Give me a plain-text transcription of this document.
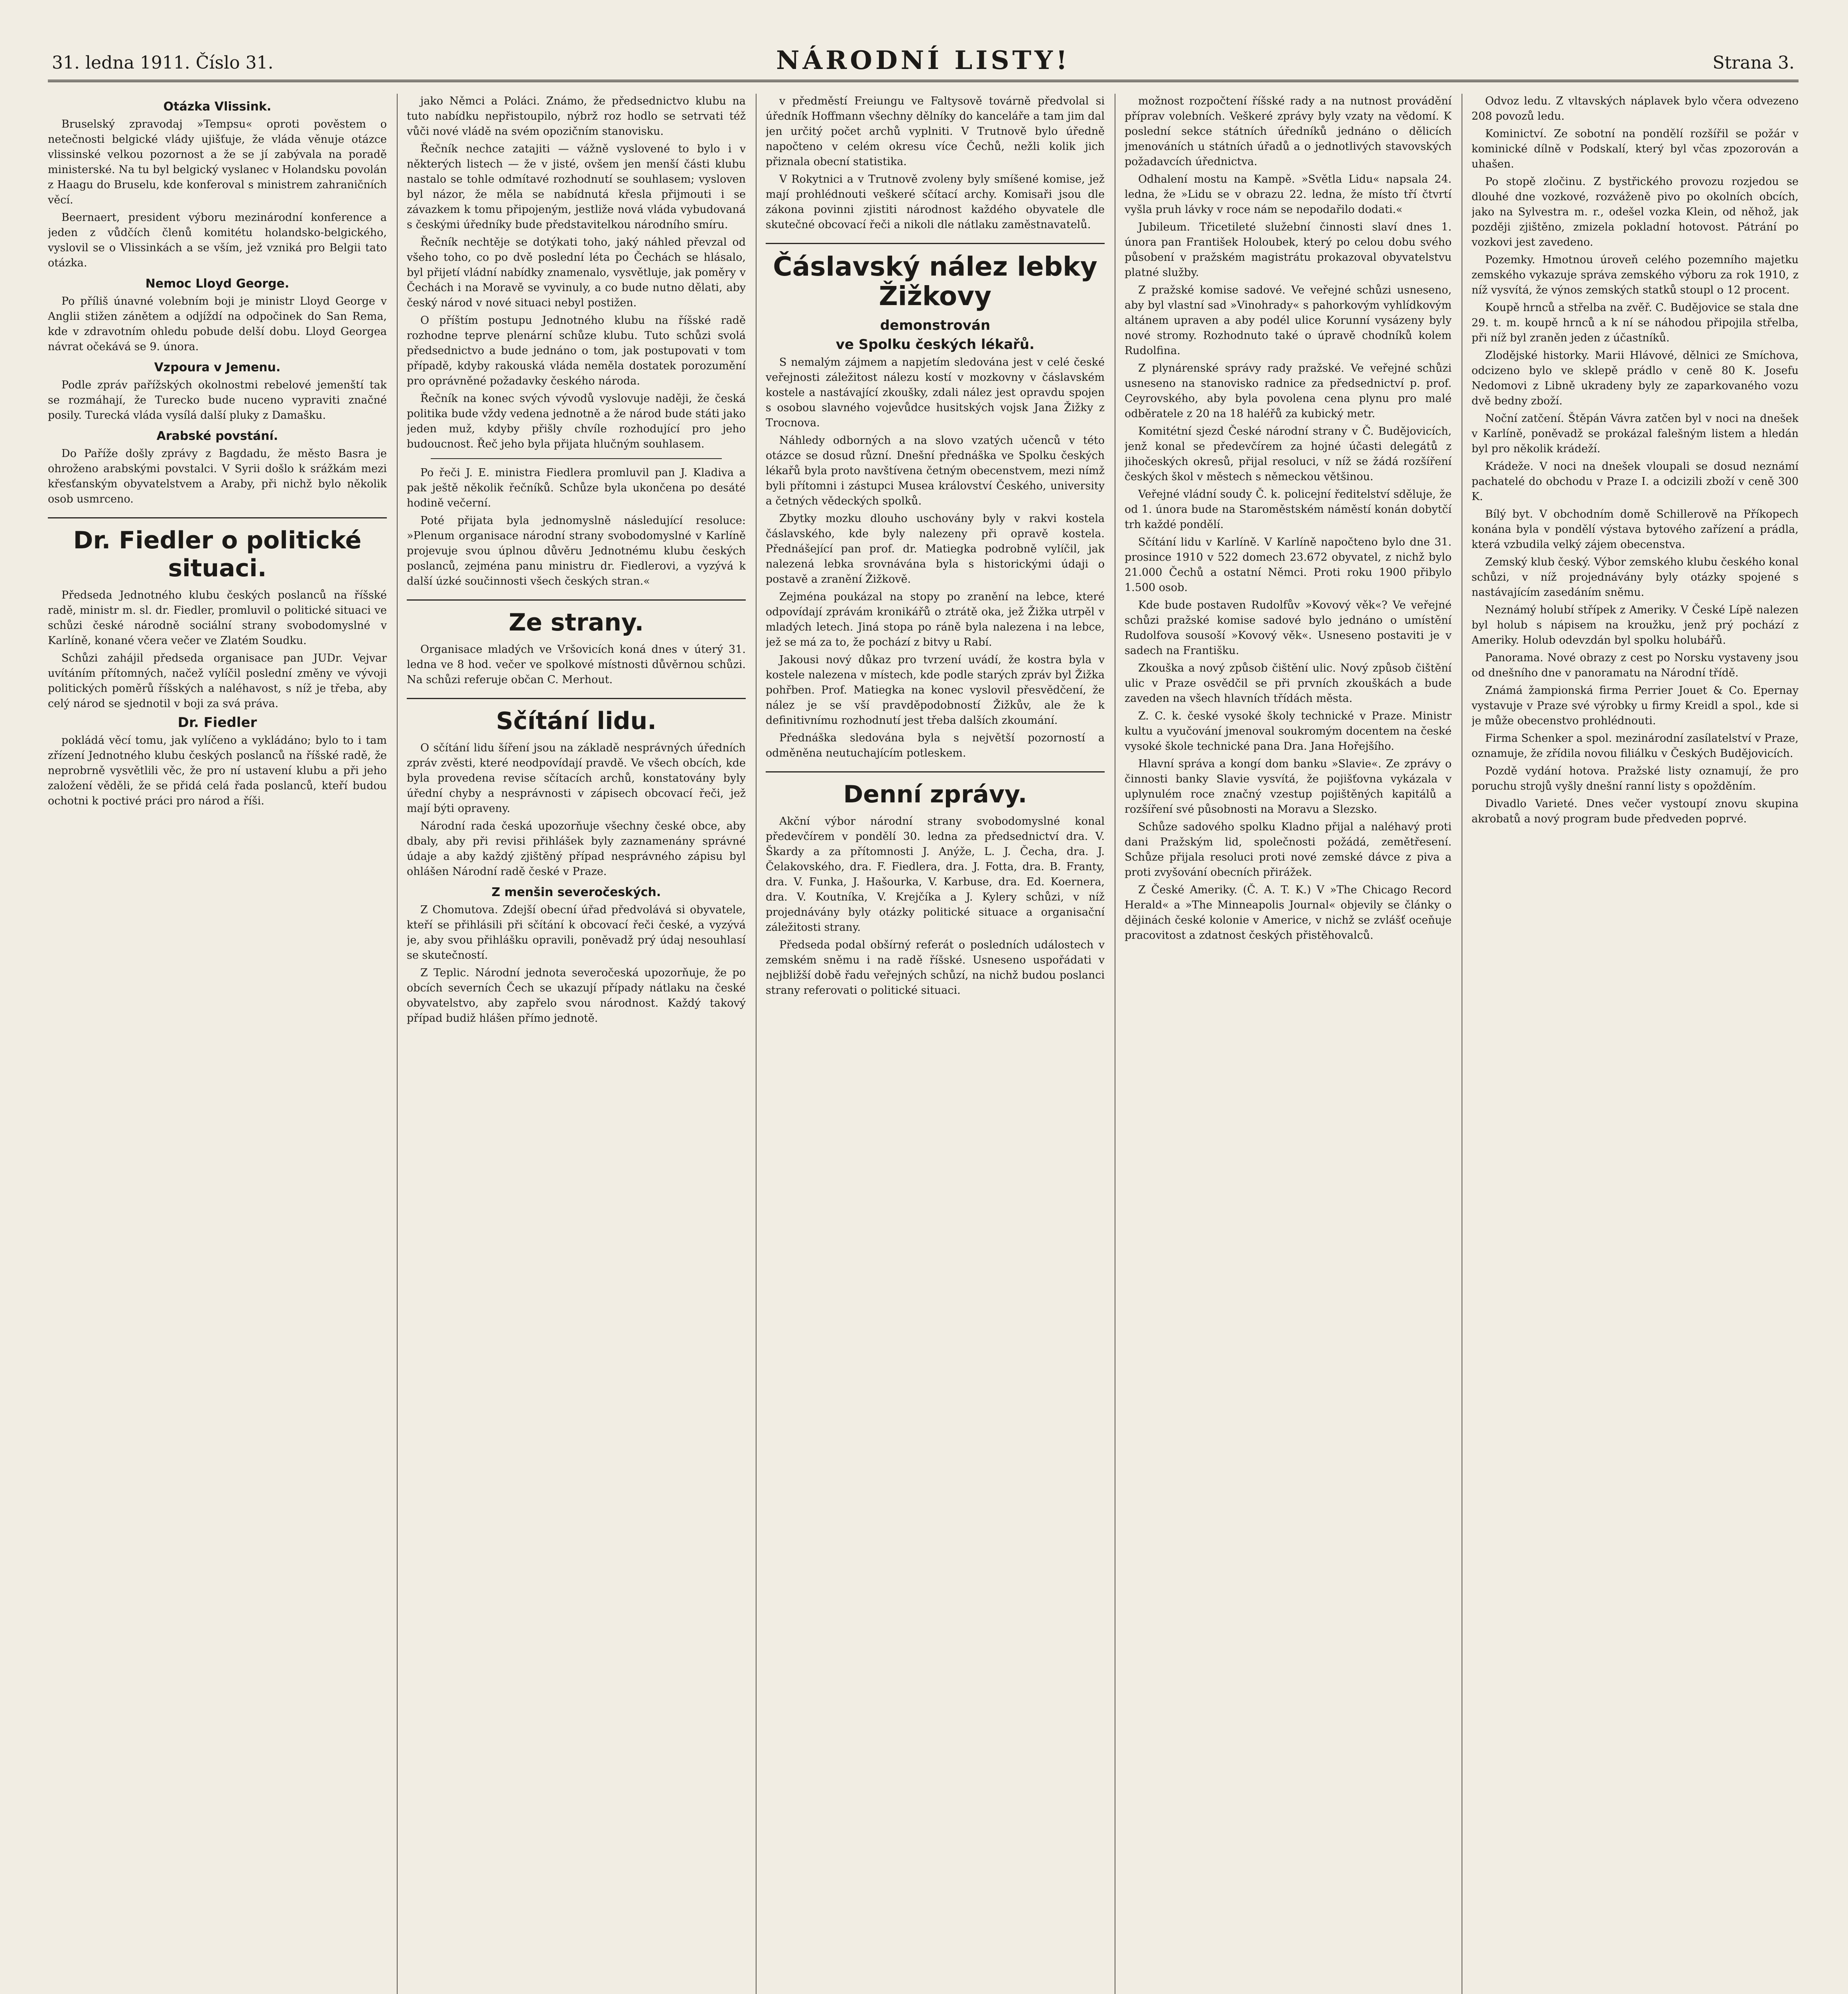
31. ledna 1911. Číslo 31.	NÁRODNÍ LISTY!	Strana 3.
Otázka Vlissink.

Bruselský zpravodaj »Tempsu« oproti pověstem o netečnosti belgické vlády ujišťuje, že vláda věnuje otázce vlissinské velkou pozornost a že se jí zabývala na poradě ministerské. Na tu byl belgický vyslanec v Holandsku povolán z Haagu do Bruselu, kde konferoval s ministrem zahraničních věcí.

Beernaert, president výboru mezinárodní konference a jeden z vůdčích členů komitétu holandsko-belgického, vyslovil se o Vlissinkách a se vším, jež vzniká pro Belgii tato otázka.

Nemoc Lloyd George.

Po příliš únavné volebním boji je ministr Lloyd George v Anglii stižen zánětem a odjíždí na odpočinek do San Rema, kde v zdravotním ohledu pobude delší dobu. Lloyd Georgea návrat očekává se 9. února.

Vzpoura v Jemenu.

Podle zpráv pařížských okolnostmi rebelové jemenští tak se rozmáhají, že Turecko bude nuceno vypraviti značné posily. Turecká vláda vysílá další pluky z Damašku.

Arabské povstání.

Do Paříže došly zprávy z Bagdadu, že město Basra je ohroženo arabskými povstalci. V Syrii došlo k srážkám mezi křesťanským obyvatelstvem a Araby, při nichž bylo několik osob usmrceno.

Dr. Fiedler o politické situaci.

Předseda Jednotného klubu českých poslanců na říšské radě, ministr m. sl. dr. Fiedler, promluvil o politické situaci ve schůzi české národně sociální strany svobodomyslné v Karlíně, konané včera večer ve Zlatém Soudku.

Schůzi zahájil předseda organisace pan JUDr. Vejvar uvítáním přítomných, načež vylíčil poslední změny ve vývoji politických poměrů říšských a naléhavost, s níž je třeba, aby celý národ se sjednotil v boji za svá práva.

Dr. Fiedler

pokládá věcí tomu, jak vylíčeno a vykládáno; bylo to i tam zřízení Jednotného klubu českých poslanců na říšské radě, že neprobrně vysvětlili věc, že pro ní ustavení klubu a při jeho založení věděli, že se přidá celá řada poslanců, kteří budou ochotni k poctivé práci pro národ a říši.

jako Němci a Poláci. Známo, že předsednictvo klubu na tuto nabídku nepřistoupilo, nýbrž roz hodlo se setrvati též vůči nové vládě na svém opozičním stanovisku.

Řečník nechce zatajiti — vážně vyslovené to bylo i v některých listech — že v jisté, ovšem jen menší části klubu nastalo se tohle odmítavé rozhodnutí se souhlasem; vysloven byl názor, že měla se nabídnutá křesla přijmouti i se závazkem k tomu připojeným, jestliže nová vláda vybudovaná s českými úředníky bude představitelkou národního smíru.

Řečník nechtěje se dotýkati toho, jaký náhled převzal od všeho toho, co po dvě poslední léta po Čechách se hlásalo, byl přijetí vládní nabídky znamenalo, vysvětluje, jak poměry v Čechách i na Moravě se vyvinuly, a co bude nutno dělati, aby český národ v nové situaci nebyl postižen.

O příštím postupu Jednotného klubu na říšské radě rozhodne teprve plenární schůze klubu. Tuto schůzi svolá předsednictvo a bude jednáno o tom, jak postupovati v tom případě, kdyby rakouská vláda neměla dostatek porozumění pro oprávněné požadavky českého národa.

Řečník na konec svých vývodů vyslovuje naději, že česká politika bude vždy vedena jednotně a že národ bude státi jako jeden muž, kdyby přišly chvíle rozhodující pro jeho budoucnost. Řeč jeho byla přijata hlučným souhlasem.

Po řeči J. E. ministra Fiedlera promluvil pan J. Kladiva a pak ještě několik řečníků. Schůze byla ukončena po desáté hodině večerní.

Poté přijata byla jednomyslně následující resoluce: »Plenum organisace národní strany svobodomyslné v Karlíně projevuje svou úplnou důvěru Jednotnému klubu českých poslanců, zejména panu ministru dr. Fiedlerovi, a vyzývá k další úzké součinnosti všech českých stran.«

Ze strany.

Organisace mladých ve Vršovicích koná dnes v úterý 31. ledna ve 8 hod. večer ve spolkové místnosti důvěrnou schůzi. Na schůzi referuje občan C. Merhout.

Sčítání lidu.

O sčítání lidu šíření jsou na základě nesprávných úředních zpráv zvěsti, které neodpovídají pravdě. Ve všech obcích, kde byla provedena revise sčítacích archů, konstatovány byly úřední chyby a nesprávnosti v zápisech obcovací řeči, jež mají býti opraveny.

Národní rada česká upozorňuje všechny české obce, aby dbaly, aby při revisi přihlášek byly zaznamenány správné údaje a aby každý zjištěný případ nesprávného zápisu byl ohlášen Národní radě české v Praze.

Z menšin severočeských.

Z Chomutova. Zdejší obecní úřad předvolává si obyvatele, kteří se přihlásili při sčítání k obcovací řeči české, a vyzývá je, aby svou přihlášku opravili, poněvadž prý údaj nesouhlasí se skutečností.

Z Teplic. Národní jednota severočeská upozorňuje, že po obcích severních Čech se ukazují případy nátlaku na české obyvatelstvo, aby zapřelo svou národnost. Každý takový případ budiž hlášen přímo jednotě.

v předměstí Freiungu ve Faltysově továrně předvolal si úředník Hoffmann všechny dělníky do kanceláře a tam jim dal jen určitý počet archů vyplniti. V Trutnově bylo úředně napočteno v celém okresu více Čechů, nežli kolik jich přiznala obecní statistika.

V Rokytnici a v Trutnově zvoleny byly smíšené komise, jež mají prohlédnouti veškeré sčítací archy. Komisaři jsou dle zákona povinni zjistiti národnost každého obyvatele dle skutečné obcovací řeči a nikoli dle nátlaku zaměstnavatelů.

Čáslavský nález lebky Žižkovy
demonstrován
ve Spolku českých lékařů.

S nemalým zájmem a napjetím sledována jest v celé české veřejnosti záležitost nálezu kostí v mozkovny v čáslavském kostele a nastávající zkoušky, zdali nález jest opravdu spojen s osobou slavného vojevůdce husitských vojsk Jana Žižky z Trocnova.

Náhledy odborných a na slovo vzatých učenců v této otázce se dosud různí. Dnešní přednáška ve Spolku českých lékařů byla proto navštívena četným obecenstvem, mezi nímž byli přítomni i zástupci Musea království Českého, university a četných vědeckých spolků.

Zbytky mozku dlouho uschovány byly v rakvi kostela čáslavského, kde byly nalezeny při opravě kostela. Přednášející pan prof. dr. Matiegka podrobně vylíčil, jak nalezená lebka srovnávána byla s historickými údaji o postavě a zranění Žižkově.

Zejména poukázal na stopy po zranění na lebce, které odpovídají zprávám kronikářů o ztrátě oka, jež Žižka utrpěl v mladých letech. Jiná stopa po ráně byla nalezena i na lebce, jež se má za to, že pochází z bitvy u Rabí.

Jakousi nový důkaz pro tvrzení uvádí, že kostra byla v kostele nalezena v místech, kde podle starých zpráv byl Žižka pohřben. Prof. Matiegka na konec vyslovil přesvědčení, že nález je se vší pravděpodobností Žižkův, ale že k definitivnímu rozhodnutí jest třeba dalších zkoumání.

Přednáška sledována byla s největší pozorností a odměněna neutuchajícím potleskem.

Denní zprávy.

Akční výbor národní strany svobodomyslné konal předevčírem v pondělí 30. ledna za předsednictví dra. V. Škardy a za přítomnosti J. Anýže, L. J. Čecha, dra. J. Čelakovského, dra. F. Fiedlera, dra. J. Fotta, dra. B. Franty, dra. V. Funka, J. Hašourka, V. Karbuse, dra. Ed. Koernera, dra. V. Koutníka, V. Krejčíka a J. Kylery schůzi, v níž projednávány byly otázky politické situace a organisační záležitosti strany.

Předseda podal obšírný referát o posledních událostech v zemském sněmu i na radě říšské. Usneseno uspořádati v nejbližší době řadu veřejných schůzí, na nichž budou poslanci strany referovati o politické situaci.

možnost rozpočtení říšské rady a na nutnost provádění příprav volebních. Veškeré zprávy byly vzaty na vědomí. K poslední sekce státních úředníků jednáno o dělicích jmenováních u státních úřadů a o jednotlivých stavovských požadavcích úřednictva.

Odhalení mostu na Kampě. »Světla Lidu« napsala 24. ledna, že »Lidu se v obrazu 22. ledna, že místo tří čtvrtí vyšla pruh lávky v roce nám se nepodařilo dodati.«

Jubileum. Třicetileté služební činnosti slaví dnes 1. února pan František Holoubek, který po celou dobu svého působení v pražském magistrátu prokazoval obyvatelstvu platné služby.

Z pražské komise sadové. Ve veřejné schůzi usneseno, aby byl vlastní sad »Vinohrady« s pahorkovým vyhlídkovým altánem upraven a aby podél ulice Korunní vysázeny byly nové stromy. Rozhodnuto také o úpravě chodníků kolem Rudolfina.

Z plynárenské správy rady pražské. Ve veřejné schůzi usneseno na stanovisko radnice za předsednictví p. prof. Ceyrovského, aby byla povolena cena plynu pro malé odběratele z 20 na 18 haléřů za kubický metr.

Komitétní sjezd České národní strany v Č. Budějovicích, jenž konal se předevčírem za hojné účasti delegátů z jihočeských okresů, přijal resoluci, v níž se žádá rozšíření českých škol v městech s německou většinou.

Veřejné vládní soudy Č. k. policejní ředitelství sděluje, že od 1. února bude na Staroměstském náměstí konán dobytčí trh každé pondělí.

Sčítání lidu v Karlíně. V Karlíně napočteno bylo dne 31. prosince 1910 v 522 domech 23.672 obyvatel, z nichž bylo 21.000 Čechů a ostatní Němci. Proti roku 1900 přibylo 1.500 osob.

Kde bude postaven Rudolfův »Kovový věk«? Ve veřejné schůzi pražské komise sadové bylo jednáno o umístění Rudolfova sousoší »Kovový věk«. Usneseno postaviti je v sadech na Františku.

Zkouška a nový způsob čištění ulic. Nový způsob čištění ulic v Praze osvědčil se při prvních zkouškách a bude zaveden na všech hlavních třídách města.

Z. C. k. české vysoké školy technické v Praze. Ministr kultu a vyučování jmenoval soukromým docentem na české vysoké škole technické pana Dra. Jana Hořejšího.

Hlavní správa a kongí dom banku »Slavie«. Ze zprávy o činnosti banky Slavie vysvítá, že pojišťovna vykázala v uplynulém roce značný vzestup pojištěných kapitálů a rozšíření své působnosti na Moravu a Slezsko.

Schůze sadového spolku Kladno přijal a naléhavý proti dani Pražským lid, společnosti požádá, zemětřesení. Schůze přijala resoluci proti nové zemské dávce z piva a proti zvyšování obecních přirážek.

Z České Ameriky. (Č. A. T. K.) V »The Chicago Record Herald« a »The Minneapolis Journal« objevily se články o dějinách české kolonie v Americe, v nichž se zvlášť oceňuje pracovitost a zdatnost českých přistěhovalců.

Odvoz ledu. Z vltavských náplavek bylo včera odvezeno 208 povozů ledu.

Kominictví. Ze sobotní na pondělí rozšířil se požár v kominické dílně v Podskalí, který byl včas zpozorován a uhašen.

Po stopě zločinu. Z bystřického provozu rozjedou se dlouhé dne vozkové, rozváženě pivo po okolních obcích, jako na Sylvestra m. r., odešel vozka Klein, od něhož, jak později zjištěno, zmizela pokladní hotovost. Pátrání po vozkovi jest zavedeno.

Pozemky. Hmotnou úroveň celého pozemního majetku zemského vykazuje správa zemského výboru za rok 1910, z níž vysvítá, že výnos zemských statků stoupl o 12 procent.

Koupě hrnců a střelba na zvěř. C. Budějovice se stala dne 29. t. m. koupě hrnců a k ní se náhodou připojila střelba, při níž byl zraněn jeden z účastníků.

Zlodějské historky. Marii Hlávové, dělnici ze Smíchova, odcizeno bylo ve sklepě prádlo v ceně 80 K. Josefu Nedomovi z Libně ukradeny byly ze zaparkovaného vozu dvě bedny zboží.

Noční zatčení. Štěpán Vávra zatčen byl v noci na dnešek v Karlíně, poněvadž se prokázal falešným listem a hledán byl pro několik krádeží.

Krádeže. V noci na dnešek vloupali se dosud neznámí pachatelé do obchodu v Praze I. a odcizili zboží v ceně 300 K.

Bílý byt. V obchodním domě Schillerově na Příkopech konána byla v pondělí výstava bytového zařízení a prádla, která vzbudila velký zájem obecenstva.

Zemský klub český. Výbor zemského klubu českého konal schůzi, v níž projednávány byly otázky spojené s nastávajícím zasedáním sněmu.

Neznámý holubí střípek z Ameriky. V České Lípě nalezen byl holub s nápisem na kroužku, jenž prý pochází z Ameriky. Holub odevzdán byl spolku holubářů.

Panorama. Nové obrazy z cest po Norsku vystaveny jsou od dnešního dne v panoramatu na Národní třídě.

Známá žampionská firma Perrier Jouet & Co. Epernay vystavuje v Praze své výrobky u firmy Kreidl a spol., kde si je může obecenstvo prohlédnouti.

Firma Schenker a spol. mezinárodní zasílatelství v Praze, oznamuje, že zřídila novou filiálku v Českých Budějovicích.

Pozdě vydání hotova. Pražské listy oznamují, že pro poruchu strojů vyšly dnešní ranní listy s opožděním.

Divadlo Varieté. Dnes večer vystoupí znovu skupina akrobatů a nový program bude předveden poprvé.
